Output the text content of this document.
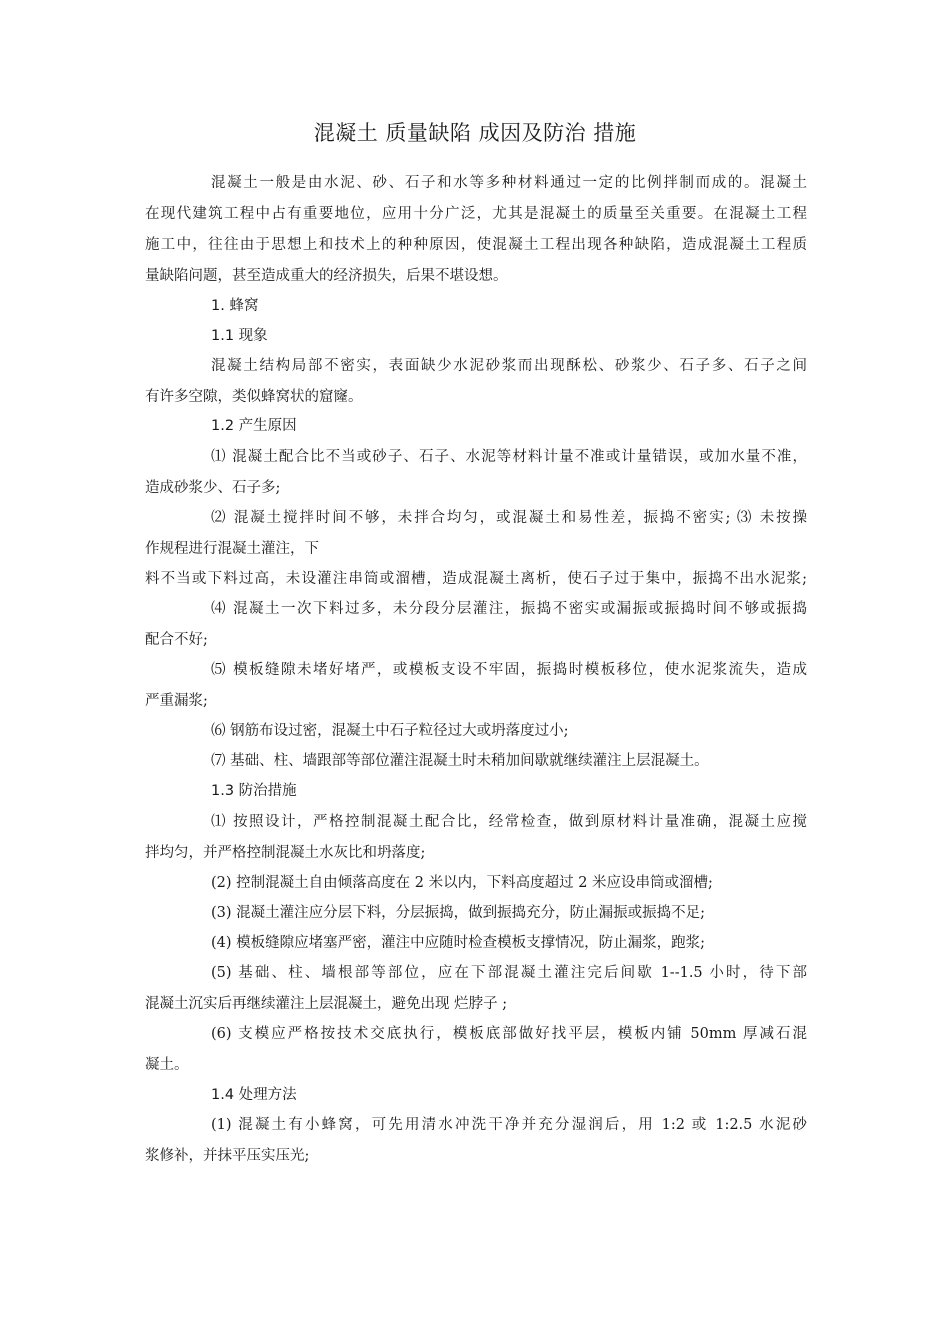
混凝土 质量缺陷 成因及防治 措施
混凝土一般是由水泥、砂、石子和水等多种材料通过一定的比例拌制而成的。混凝土
在现代建筑工程中占有重要地位，应用十分广泛，尤其是混凝土的质量至关重要。在混凝土工程
施工中，往往由于思想上和技术上的种种原因，使混凝土工程出现各种缺陷，造成混凝土工程质
量缺陷问题，甚至造成重大的经济损失，后果不堪设想。
1. 蜂窝
1.1 现象
混凝土结构局部不密实，表面缺少水泥砂浆而出现酥松、砂浆少、石子多、石子之间
有许多空隙，类似蜂窝状的窟窿。
1.2 产生原因
⑴ 混凝土配合比不当或砂子、石子、水泥等材料计量不准或计量错误，或加水量不准，
造成砂浆少、石子多;
⑵ 混凝土搅拌时间不够，未拌合均匀，或混凝土和易性差，振捣不密实; ⑶ 未按操
作规程进行混凝土灌注，下
料不当或下料过高，未设灌注串筒或溜槽，造成混凝土离析，使石子过于集中，振捣不出水泥浆;
⑷ 混凝土一次下料过多，未分段分层灌注，振捣不密实或漏振或振捣时间不够或振捣
配合不好;
⑸ 模板缝隙未堵好堵严，或模板支设不牢固，振捣时模板移位，使水泥浆流失，造成
严重漏浆;
⑹ 钢筋布设过密，混凝土中石子粒径过大或坍落度过小;
⑺ 基础、柱、墙跟部等部位灌注混凝土时未稍加间歇就继续灌注上层混凝土。
1.3 防治措施
⑴ 按照设计，严格控制混凝土配合比，经常检查，做到原材料计量准确，混凝土应搅
拌均匀，并严格控制混凝土水灰比和坍落度;
(2) 控制混凝土自由倾落高度在 2 米以内，下料高度超过 2 米应设串筒或溜槽;
(3) 混凝土灌注应分层下料，分层振捣，做到振捣充分，防止漏振或振捣不足;
(4) 模板缝隙应堵塞严密，灌注中应随时检查模板支撑情况，防止漏浆，跑浆;
(5) 基础、柱、墙根部等部位，应在下部混凝土灌注完后间歇 1--1.5 小时，待下部
混凝土沉实后再继续灌注上层混凝土，避免出现 烂脖子 ;
(6) 支模应严格按技术交底执行，模板底部做好找平层，模板内铺 50mm 厚减石混
凝土。
1.4 处理方法
(1) 混凝土有小蜂窝，可先用清水冲洗干净并充分湿润后，用 1:2 或 1:2.5 水泥砂
浆修补，并抹平压实压光;
